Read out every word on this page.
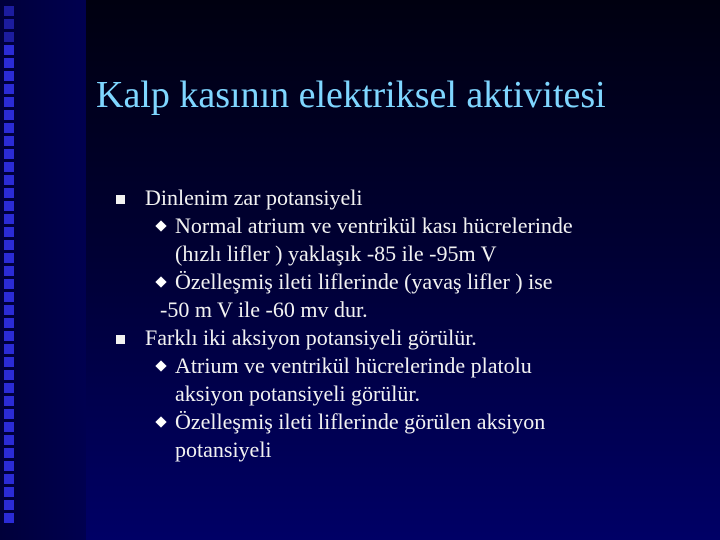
Kalp kasının elektriksel aktivitesi
Dinlenim zar potansiyeli
Normal atrium ve ventrikül kası hücrelerinde
(hızlı lifler ) yaklaşık -85 ile -95m V
Özelleşmiş ileti liflerinde (yavaş lifler ) ise
-50 m V ile -60 mv dur.
Farklı iki aksiyon potansiyeli görülür.
Atrium ve ventrikül hücrelerinde platolu
aksiyon potansiyeli görülür.
Özelleşmiş ileti liflerinde görülen aksiyon
potansiyeli
